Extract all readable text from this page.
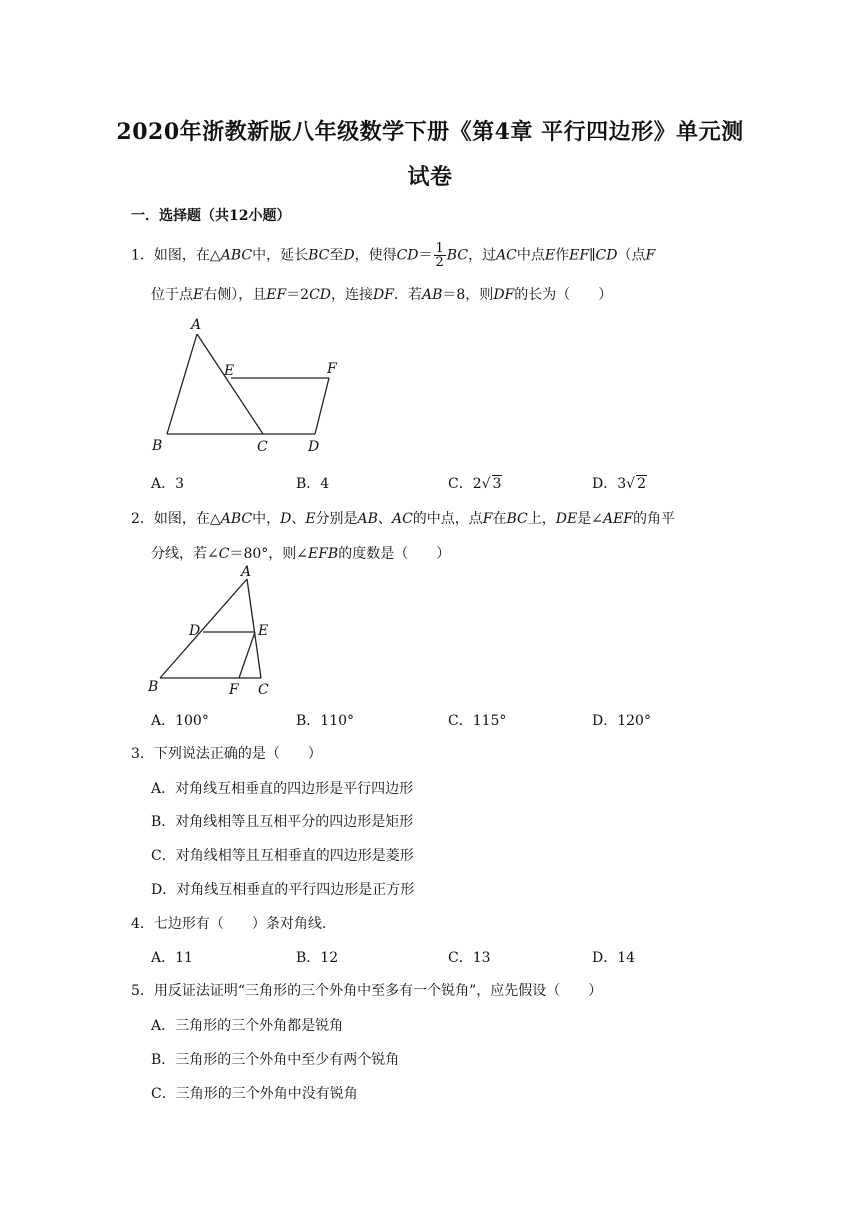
2020年浙教新版八年级数学下册《第4章 平行四边形》单元测
试卷
一．选择题（共12小题）
1．如图，在△ABC中，延长BC至D，使得$CD= \frac{1}{2}$ BC，过AC中点E作EF∥CD（点F
位于点E右侧），且EF＝2CD，连接DF．若AB＝8，则DF的长为（　　）
A
E	F
B	C	D
A．3	B．4	C．2√ 3	D．3√ 2
2．如图，在△ABC中，D、E分别是AB、AC的中点，点F在BC上，DE是∠AEF的角平
分线，若∠C＝80°，则∠EFB的度数是（　　）
A
D	E
B	F C
A．100°	B．110°	C．115°	D．120°
3．下列说法正确的是（　　）
A．对角线互相垂直的四边形是平行四边形
B．对角线相等且互相平分的四边形是矩形
C．对角线相等且互相垂直的四边形是菱形
D．对角线互相垂直的平行四边形是正方形
4．七边形有（　　）条对角线.
A．11	B．12	C．13	D．14
5．用反证法证明“三角形的三个外角中至多有一个锐角”，应先假设（　　）
A．三角形的三个外角都是锐角
B．三角形的三个外角中至少有两个锐角
C．三角形的三个外角中没有锐角
